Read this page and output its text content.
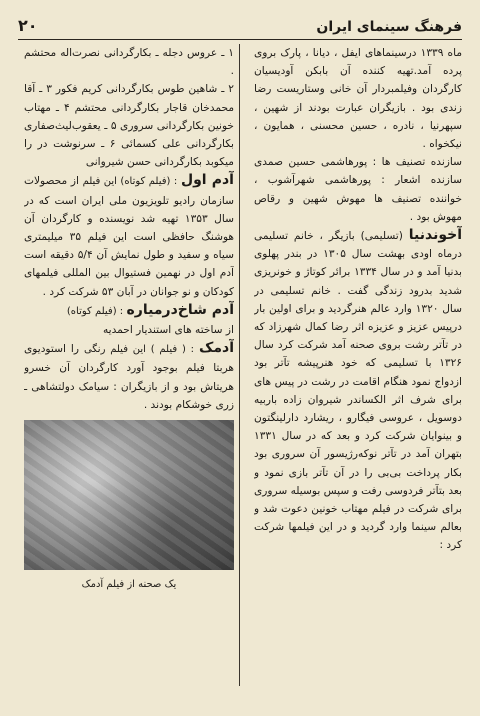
۲۰	فرهنگ سینمای ایران

ماه ۱۳۳۹ درسینماهای ایفل ، دیانا ، پارک بروی پرده آمد.تهیه کننده آن بابکن آودیسیان کارگردان وفیلمبردار آن خانی وستاریست رضا زندی بود . بازیگران عبارت بودند از شهین ، سپهرنیا ، نادره ، حسین محسنی ، همایون ، نیکخواه .

سازنده تصنیف ها : پورهاشمی حسین صمدی سازنده اشعار : پورهاشمی شهرآشوب ، خواننده تصنیف ها مهوش شهین و رقاص مهوش بود .

آخوندنیا (تسلیمی) بازیگر ، خانم تسلیمی درماه اودی بهشت سال ۱۳۰۵ در بندر پهلوی بدنیا آمد و در سال ۱۳۳۴ برائر کوتاژ و خونریزی شدید بدرود زندگی گفت . خانم تسلیمی در سال ۱۳۲۰ وارد عالم هنرگردید و برای اولین بار درپیس عزیز و عزیزه اثر رضا کمال شهرزاد که در تآتر رشت بروی صحنه آمد شرکت کرد سال ۱۳۲۶ با تسلیمی که خود هنرپیشه تآتر بود ازدواج نمود هنگام اقامت در رشت در پیس های برای شرف اثر الکساندر شیروان زاده باربیه دوسویل ، عروسی فیگارو ، ریشارد دارلینگتون و بینوایان شرکت کرد و بعد که در سال ۱۳۳۱ بتهران آمد در تآتر نوکه‌رژیسور آن سروری بود بکار پرداخت بی‌بی را در آن تآتر بازی نمود و بعد بتآتر فردوسی رفت و سپس بوسیله سروری برای شرکت در فیلم مهتاب خونین دعوت شد و بعالم سینما وارد گردید و در این فیلمها شرکت کرد :

۱ ـ عروس دجله ـ بکارگردانی نصرت‌اله محتشم .
۲ ـ شاهین طوس بکارگردانی کریم فکور ۳ ـ آقا محمدخان قاجار بکارگردانی محتشم ۴ ـ مهتاب خونین بکارگردانی سروری ۵ ـ یعقوب‌لیث‌صفاری بکارگردانی علی کسمائی ۶ ـ سرنوشت در را میکوبد بکارگردانی حسن شیروانی

آدم اول : (فیلم کوتاه) این فیلم از محصولات سازمان رادیو تلویزیون ملی ایران است که در سال ۱۳۵۳ تهیه شد نویسنده و کارگردان آن هوشنگ حافظی است این فیلم ۳۵ میلیمتری سیاه و سفید و طول نمایش آن ۵/۴ دقیقه است آدم اول در نهمین فستیوال بین المللی فیلمهای کودکان و نو جوانان در آبان ۵۳ شرکت کرد .

آدم شاخ‌درمیاره : (فیلم کوتاه)
از ساخته های استندیار احمدیه

آدمک : ( فیلم ) این فیلم رنگی را استودیوی هربتا فیلم بوجود آورد کارگردان آن خسرو هریتاش بود و از بازیگران : سیامک دولتشاهی ـ زری خوشکام بودند .

یک صحنه از فیلم آدمک
